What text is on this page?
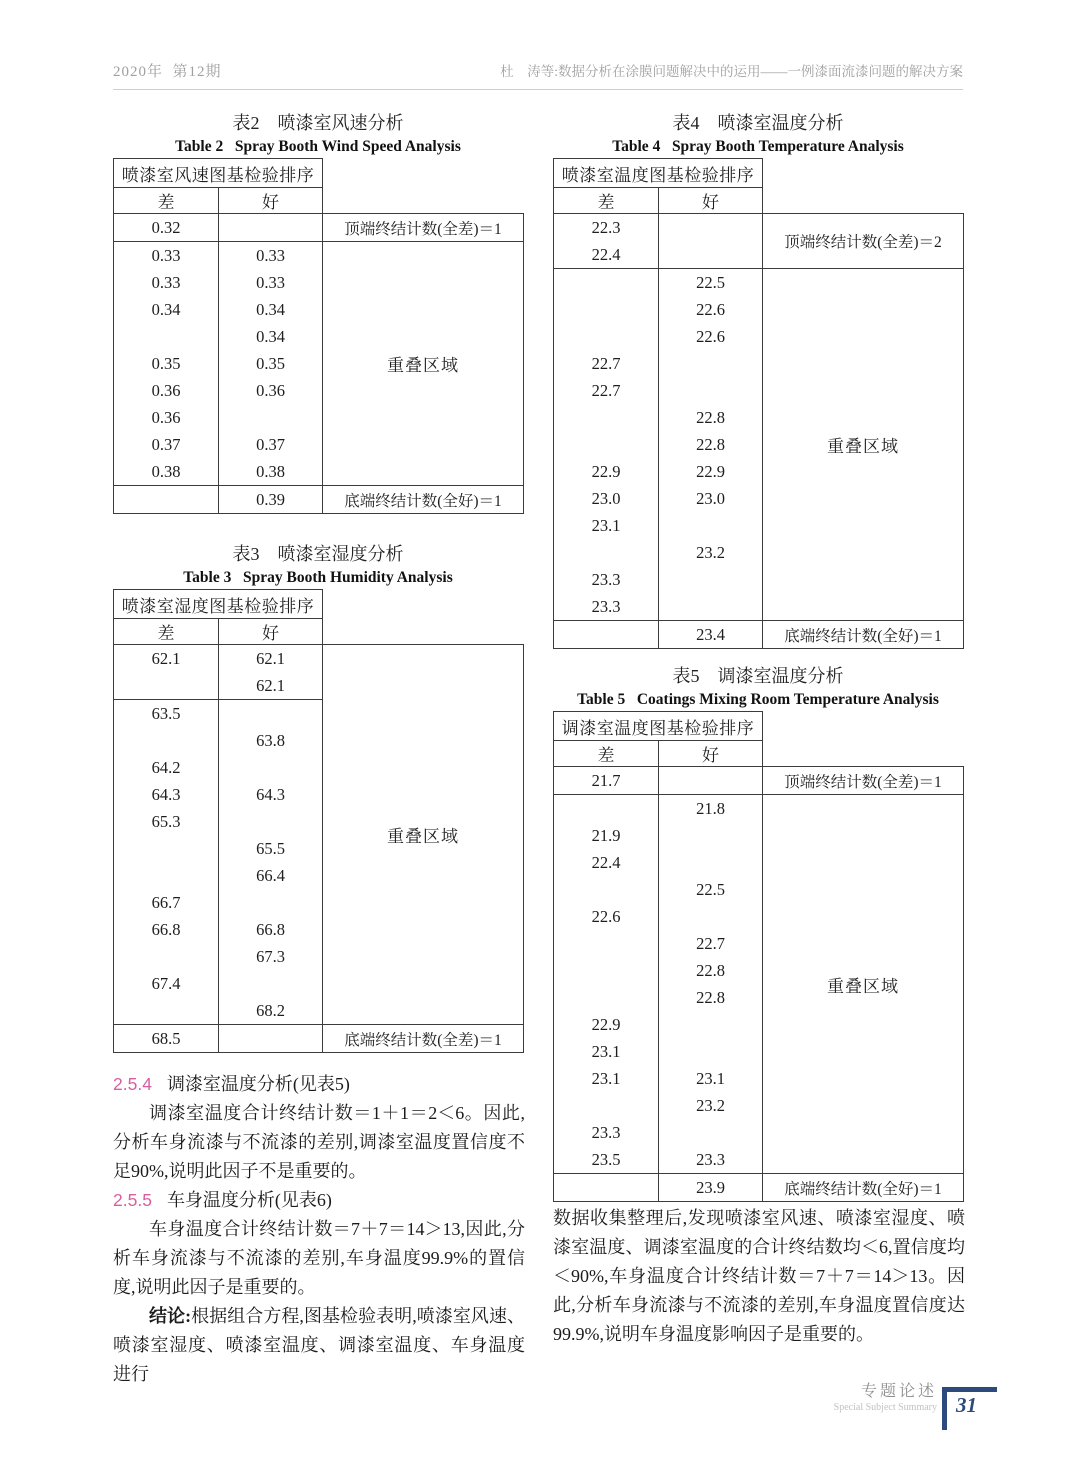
2020年  第12期	杜　涛等:数据分析在涂膜问题解决中的运用——一例漆面流漆问题的解决方案
表2　喷漆室风速分析
Table 2   Spray Booth Wind Speed Analysis
喷漆室风速图基检验排序		
差	好	
0.32		顶端终结计数(全差)＝1
0.33	0.33	重叠区域
0.33	0.33	
0.34	0.34	
	0.34	
0.35	0.35	
0.36	0.36	
0.36		
0.37	0.37	
0.38	0.38	
	0.39	底端终结计数(全好)＝1
表4　喷漆室温度分析
Table 4   Spray Booth Temperature Analysis
喷漆室温度图基检验排序		
差	好	
22.3		顶端终结计数(全差)＝2
22.4		
	22.5	重叠区域
	22.6	
	22.6	
22.7		
22.7		
	22.8	
	22.8	
22.9	22.9	
23.0	23.0	
23.1		
	23.2	
23.3		
23.3		
	23.4	底端终结计数(全好)＝1
表3　喷漆室湿度分析
Table 3   Spray Booth Humidity Analysis
喷漆室湿度图基检验排序		
差	好	
62.1	62.1	重叠区域
	62.1	
63.5		
	63.8	
64.2		
64.3	64.3	
65.3		
	65.5	
	66.4	
66.7		
66.8	66.8	
	67.3	
67.4		
	68.2	
68.5		底端终结计数(全差)＝1
表5　调漆室温度分析
Table 5   Coatings Mixing Room Temperature Analysis
调漆室温度图基检验排序		
差	好	
21.7		顶端终结计数(全差)＝1
	21.8	重叠区域
21.9		
22.4		
	22.5	
22.6		
	22.7	
	22.8	
	22.8	
22.9		
23.1		
23.1	23.1	
	23.2	
23.3		
23.5	23.3	
	23.9	底端终结计数(全好)＝1

2.5.4 调漆室温度分析(见表5)

调漆室温度合计终结计数＝1＋1＝2＜6。因此,分析车身流漆与不流漆的差别,调漆室温度置信度不足90%,说明此因子不是重要的。

2.5.5 车身温度分析(见表6)

车身温度合计终结计数＝7＋7＝14＞13,因此,分析车身流漆与不流漆的差别,车身温度99.9%的置信度,说明此因子是重要的。

结论:根据组合方程,图基检验表明,喷漆室风速、喷漆室湿度、喷漆室温度、调漆室温度、车身温度进行

数据收集整理后,发现喷漆室风速、喷漆室湿度、喷漆室温度、调漆室温度的合计终结数均＜6,置信度均＜90%,车身温度合计终结计数＝7＋7＝14＞13。因此,分析车身流漆与不流漆的差别,车身温度置信度达99.9%,说明车身温度影响因子是重要的。

专题论述
Special Subject Summary 31
